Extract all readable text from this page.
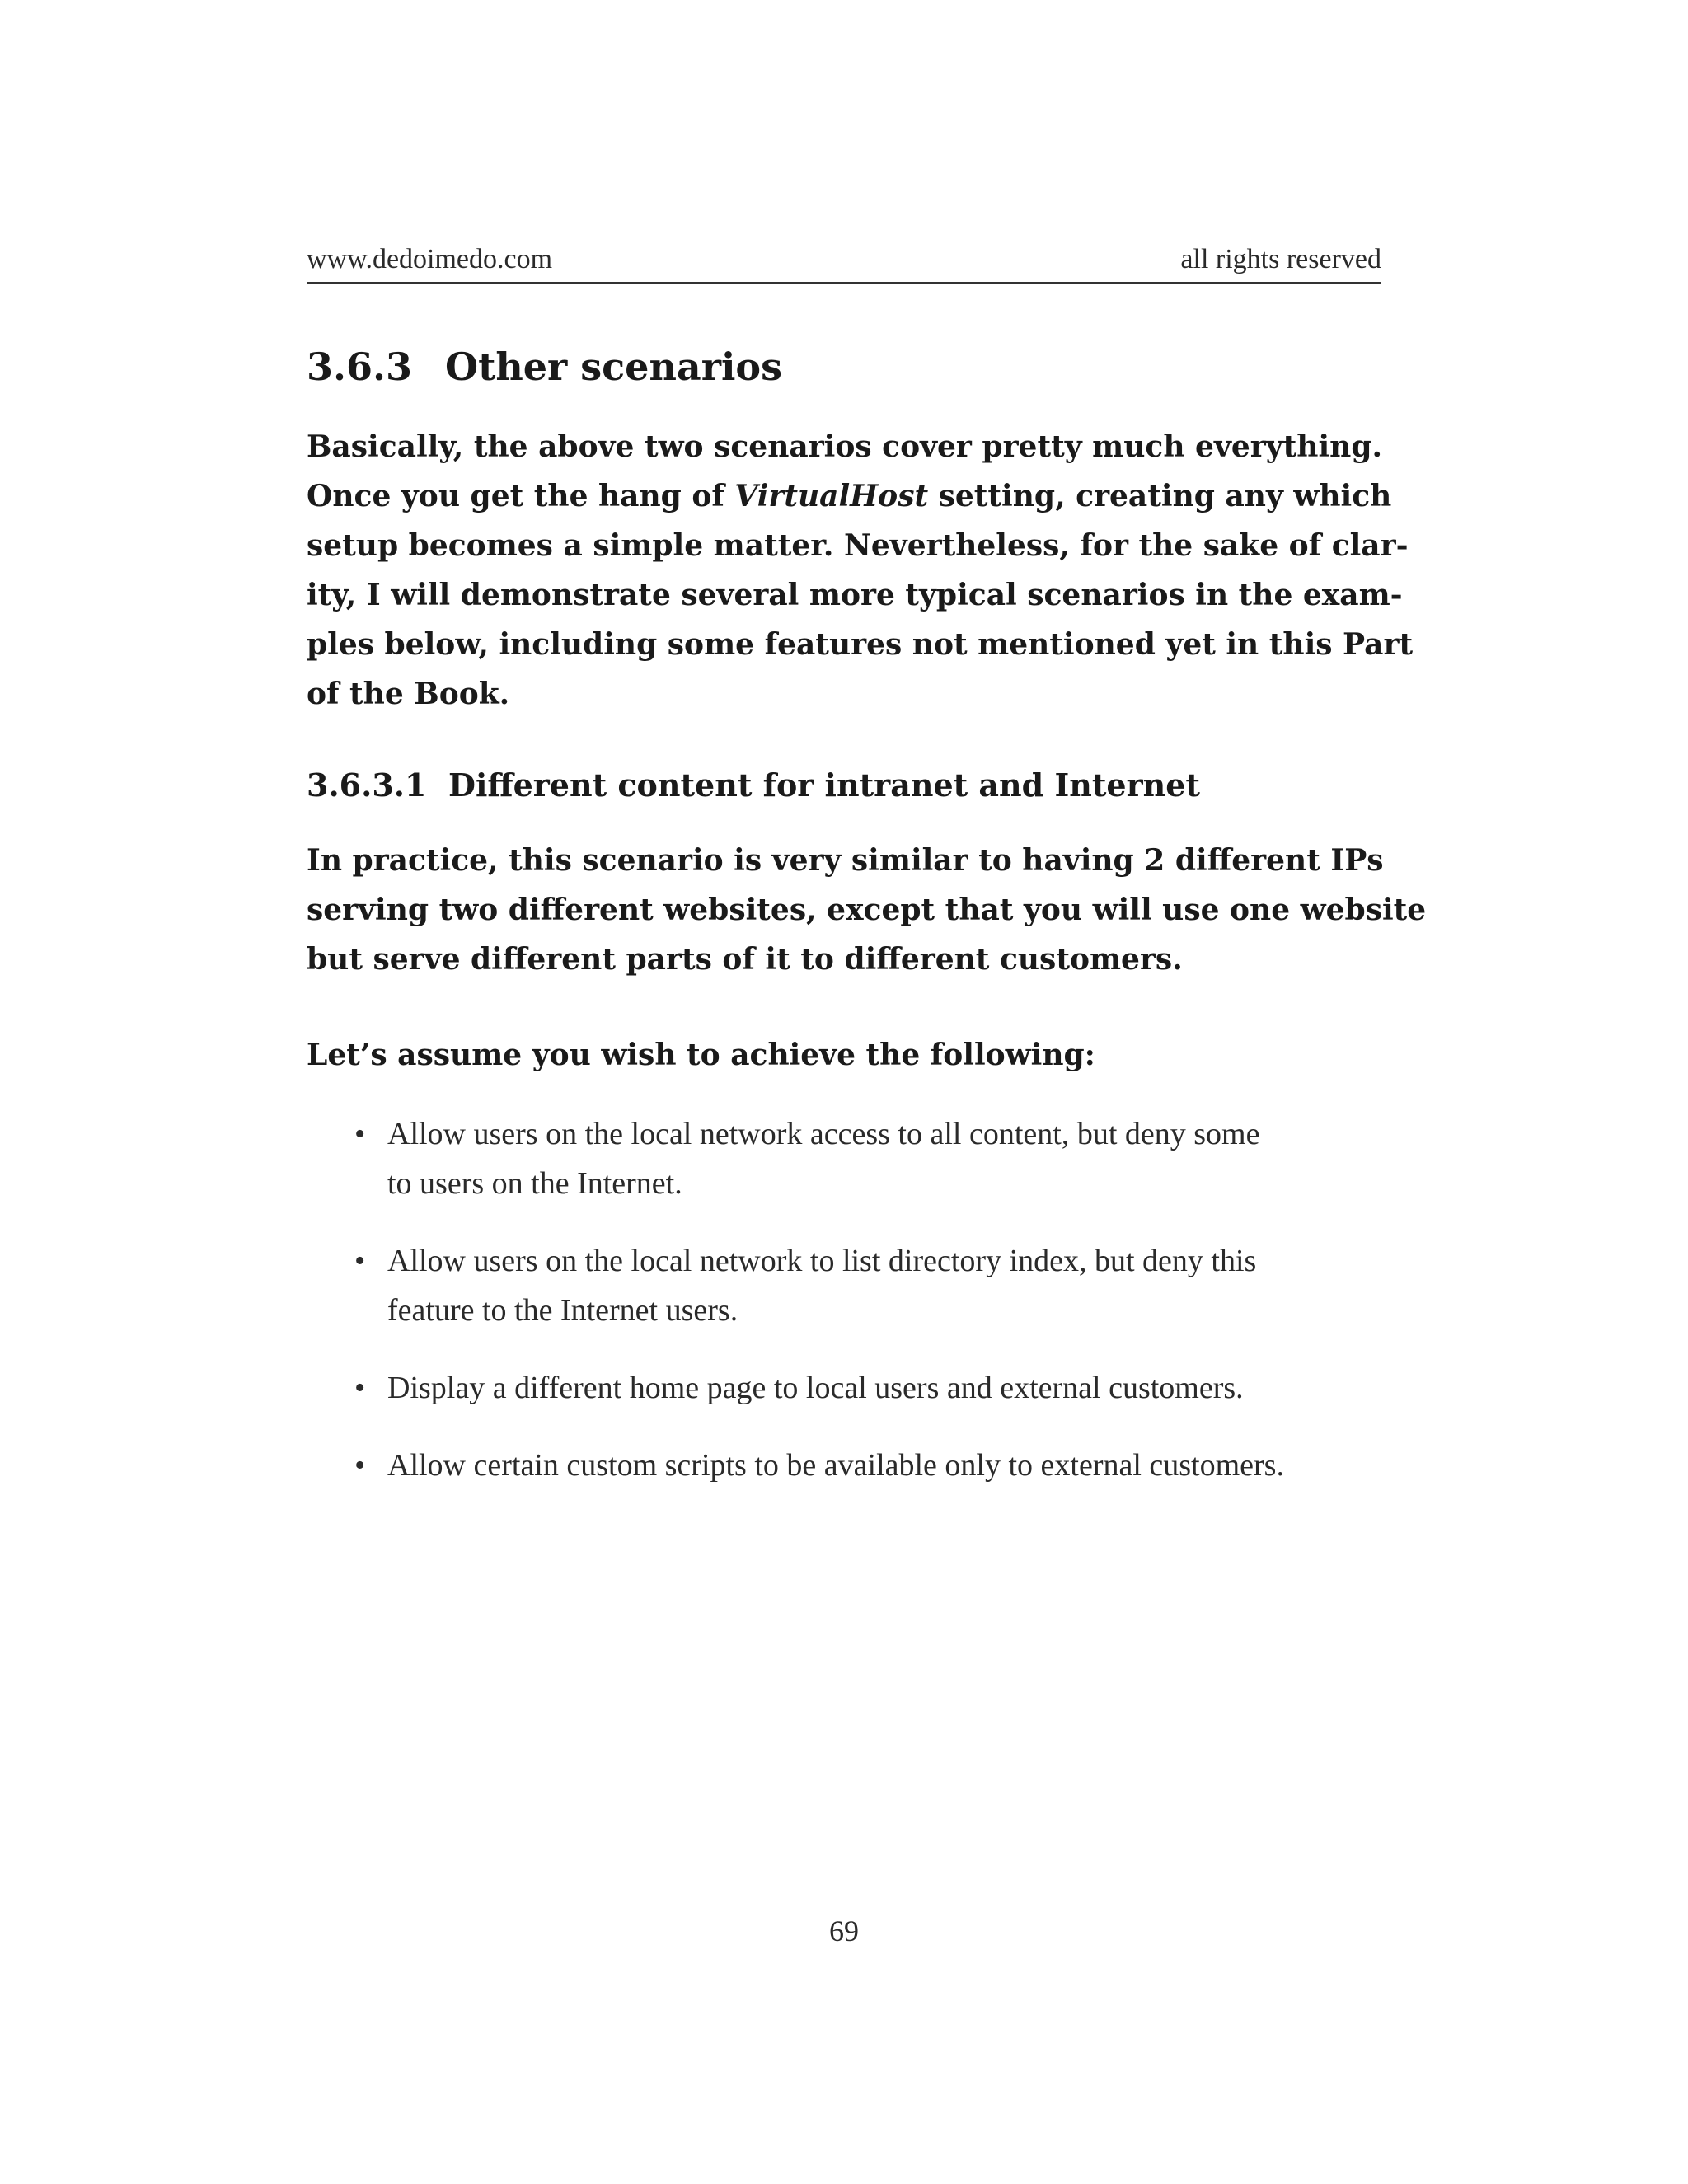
www.dedoimedo.com	all rights reserved
3.6.3 Other scenarios
Basically, the above two scenarios cover pretty much everything.
Once you get the hang of VirtualHost setting, creating any which
setup becomes a simple matter. Nevertheless, for the sake of clar-
ity, I will demonstrate several more typical scenarios in the exam-
ples below, including some features not mentioned yet in this Part
of the Book.
3.6.3.1 Different content for intranet and Internet
In practice, this scenario is very similar to having 2 different IPs
serving two different websites, except that you will use one website
but serve different parts of it to different customers.
Let’s assume you wish to achieve the following:
• Allow users on the local network access to all content, but deny some
to users on the Internet.
• Allow users on the local network to list directory index, but deny this
feature to the Internet users.
• Display a different home page to local users and external customers.
• Allow certain custom scripts to be available only to external customers.
69
